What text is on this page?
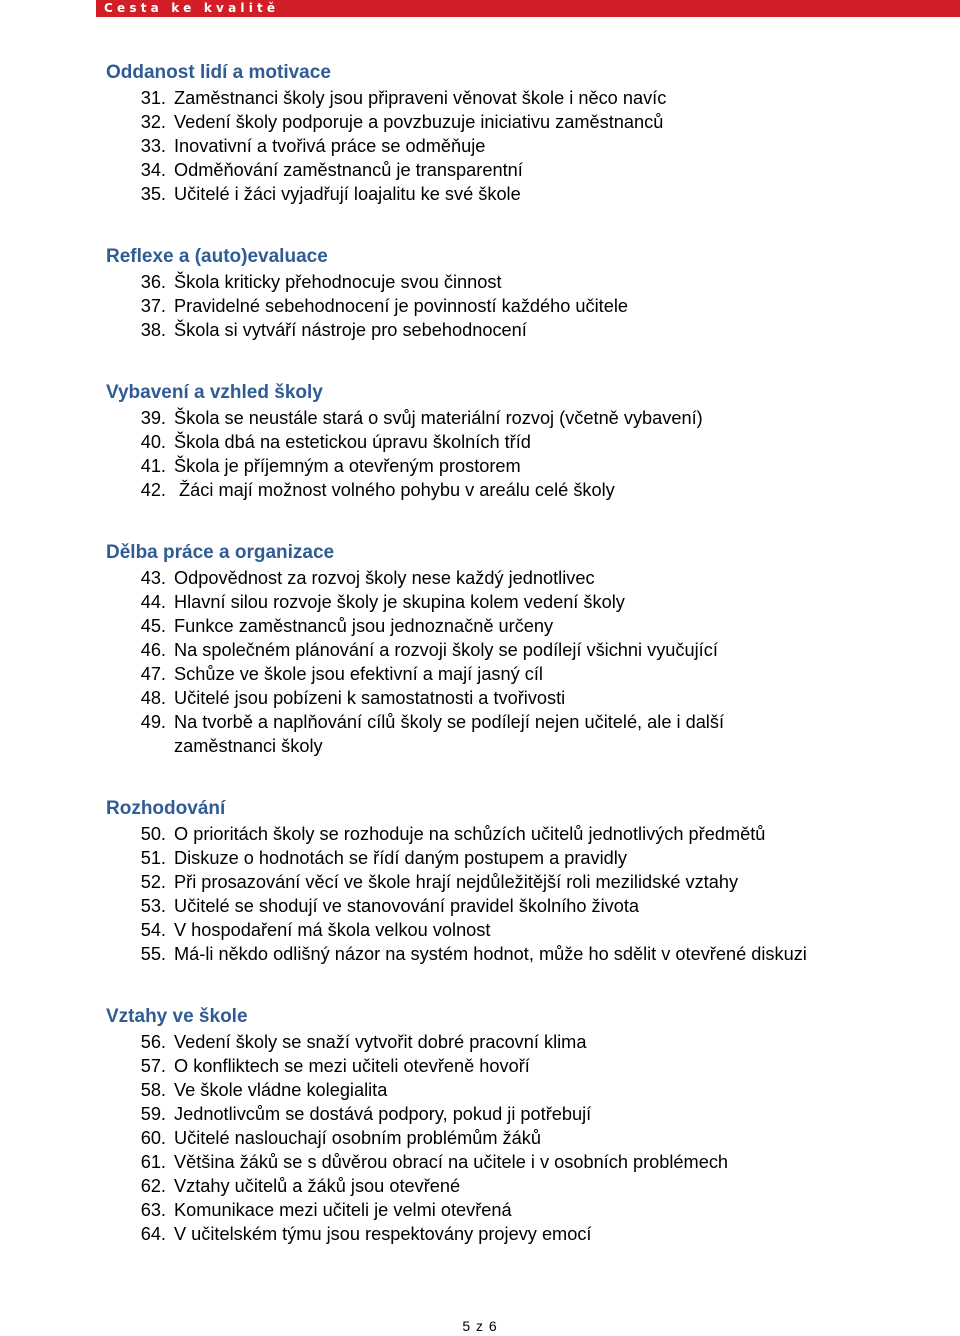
Cesta ke kvalitě
Oddanost lidí a motivace
31. Zaměstnanci školy jsou připraveni věnovat škole i něco navíc
32. Vedení školy podporuje a povzbuzuje iniciativu zaměstnanců
33. Inovativní a tvořivá práce se odměňuje
34. Odměňování zaměstnanců je transparentní
35. Učitelé i žáci vyjadřují loajalitu ke své škole
Reflexe a (auto)evaluace
36. Škola kriticky přehodnocuje svou činnost
37. Pravidelné sebehodnocení je povinností každého učitele
38. Škola si vytváří nástroje pro sebehodnocení
Vybavení a vzhled školy
39. Škola se neustále stará o svůj materiální rozvoj (včetně vybavení)
40. Škola dbá na estetickou úpravu školních tříd
41. Škola je příjemným a otevřeným prostorem
42. Žáci mají možnost volného pohybu v areálu celé školy
Dělba práce a organizace
43. Odpovědnost za rozvoj školy nese každý jednotlivec
44. Hlavní silou rozvoje školy je skupina kolem vedení školy
45. Funkce zaměstnanců jsou jednoznačně určeny
46. Na společném plánování a rozvoji školy se podílejí všichni vyučující
47. Schůze ve škole jsou efektivní a mají jasný cíl
48. Učitelé jsou pobízeni k samostatnosti a tvořivosti
49. Na tvorbě a naplňování cílů školy se podílejí nejen učitelé, ale i další zaměstnanci školy
Rozhodování
50. O prioritách školy se rozhoduje na schůzích učitelů jednotlivých předmětů
51. Diskuze o hodnotách se řídí daným postupem a pravidly
52. Při prosazování věcí ve škole hrají nejdůležitější roli mezilidské vztahy
53. Učitelé se shodují ve stanovování pravidel školního života
54. V hospodaření má škola velkou volnost
55. Má-li někdo odlišný názor na systém hodnot, může ho sdělit v otevřené diskuzi
Vztahy ve škole
56. Vedení školy se snaží vytvořit dobré pracovní klima
57. O konfliktech se mezi učiteli otevřeně hovoří
58. Ve škole vládne kolegialita
59. Jednotlivcům se dostává podpory, pokud ji potřebují
60. Učitelé naslouchají osobním problémům žáků
61. Většina žáků se s důvěrou obrací na učitele i v osobních problémech
62. Vztahy učitelů a žáků jsou otevřené
63. Komunikace mezi učiteli je velmi otevřená
64. V učitelském týmu jsou respektovány projevy emocí
5 z 6
